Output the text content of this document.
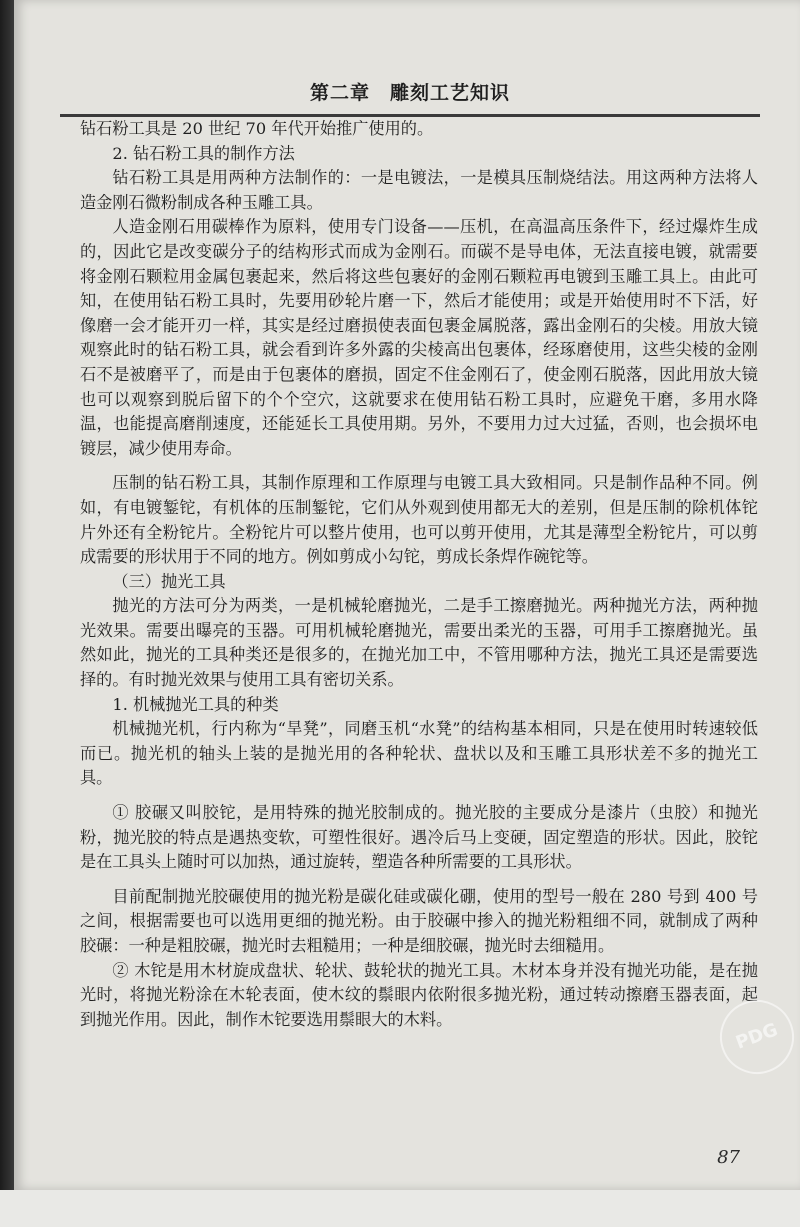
第二章　雕刻工艺知识

钻石粉工具是 20 世纪 70 年代开始推广使用的。

2. 钻石粉工具的制作方法

钻石粉工具是用两种方法制作的：一是电镀法，一是模具压制烧结法。用这两种方法将人造金刚石微粉制成各种玉雕工具。

人造金刚石用碳棒作为原料，使用专门设备——压机，在高温高压条件下，经过爆炸生成的，因此它是改变碳分子的结构形式而成为金刚石。而碳不是导电体，无法直接电镀，就需要将金刚石颗粒用金属包裹起来，然后将这些包裹好的金刚石颗粒再电镀到玉雕工具上。由此可知，在使用钻石粉工具时，先要用砂轮片磨一下，然后才能使用；或是开始使用时不下活，好像磨一会才能开刃一样，其实是经过磨损使表面包裹金属脱落，露出金刚石的尖棱。用放大镜观察此时的钻石粉工具，就会看到许多外露的尖棱高出包裹体，经琢磨使用，这些尖棱的金刚石不是被磨平了，而是由于包裹体的磨损，固定不住金刚石了，使金刚石脱落，因此用放大镜也可以观察到脱后留下的个个空穴，这就要求在使用钻石粉工具时，应避免干磨，多用水降温，也能提高磨削速度，还能延长工具使用期。另外，不要用力过大过猛，否则，也会损坏电镀层，减少使用寿命。

压制的钻石粉工具，其制作原理和工作原理与电镀工具大致相同。只是制作品种不同。例如，有电镀錾铊，有机体的压制錾铊，它们从外观到使用都无大的差别，但是压制的除机体铊片外还有全粉铊片。全粉铊片可以整片使用，也可以剪开使用，尤其是薄型全粉铊片，可以剪成需要的形状用于不同的地方。例如剪成小勾铊，剪成长条焊作碗铊等。

（三）抛光工具

抛光的方法可分为两类，一是机械轮磨抛光，二是手工擦磨抛光。两种抛光方法，两种抛光效果。需要出曝亮的玉器。可用机械轮磨抛光，需要出柔光的玉器，可用手工擦磨抛光。虽然如此，抛光的工具种类还是很多的，在抛光加工中，不管用哪种方法，抛光工具还是需要选择的。有时抛光效果与使用工具有密切关系。

1. 机械抛光工具的种类

机械抛光机，行内称为“旱凳”，同磨玉机“水凳”的结构基本相同，只是在使用时转速较低而已。抛光机的轴头上装的是抛光用的各种轮状、盘状以及和玉雕工具形状差不多的抛光工具。

① 胶碾又叫胶铊，是用特殊的抛光胶制成的。抛光胶的主要成分是漆片（虫胶）和抛光粉，抛光胶的特点是遇热变软，可塑性很好。遇冷后马上变硬，固定塑造的形状。因此，胶铊是在工具头上随时可以加热，通过旋转，塑造各种所需要的工具形状。

目前配制抛光胶碾使用的抛光粉是碳化硅或碳化硼，使用的型号一般在 280 号到 400 号之间，根据需要也可以选用更细的抛光粉。由于胶碾中掺入的抛光粉粗细不同，就制成了两种胶碾：一种是粗胶碾，抛光时去粗糙用；一种是细胶碾，抛光时去细糙用。

② 木铊是用木材旋成盘状、轮状、鼓轮状的抛光工具。木材本身并没有抛光功能，是在抛光时，将抛光粉涂在木轮表面，使木纹的鬃眼内依附很多抛光粉，通过转动擦磨玉器表面，起到抛光作用。因此，制作木铊要选用鬃眼大的木料。

87
PDG
